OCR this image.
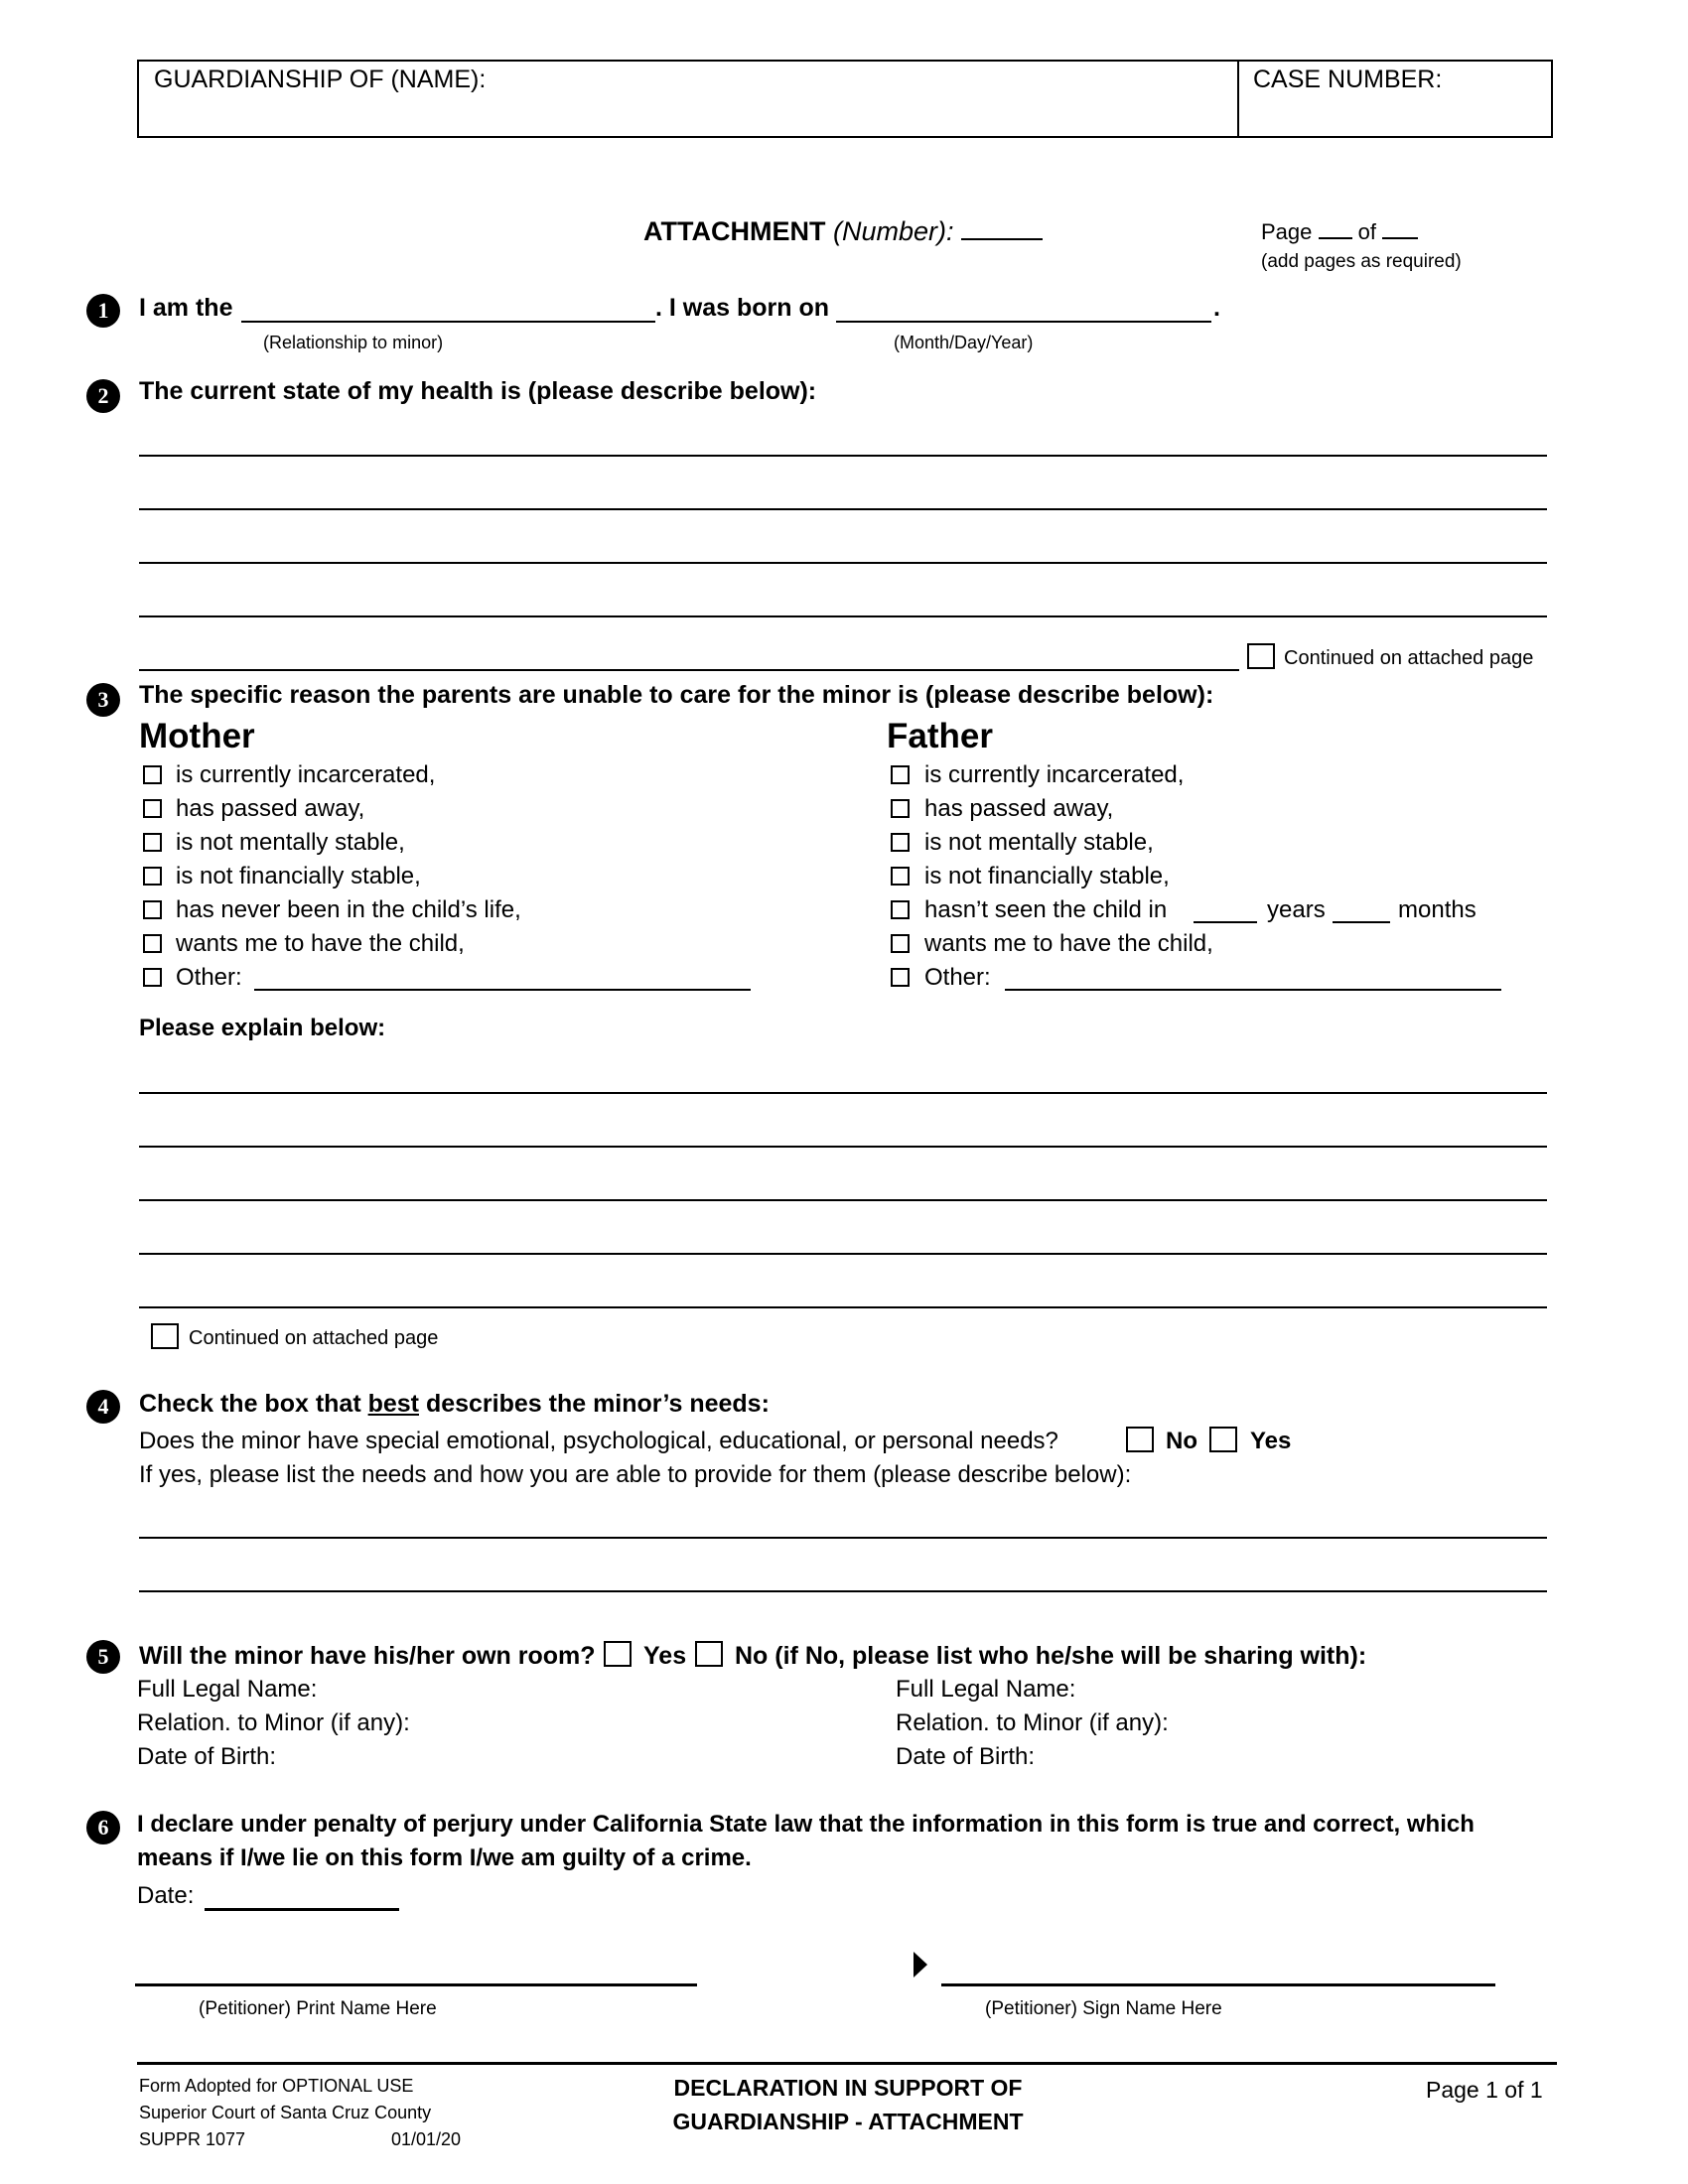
GUARDIANSHIP OF (NAME):	CASE NUMBER:
ATTACHMENT (Number):	Page of
(add pages as required)
1	I am the	. I was born on	.
(Relationship to minor)	(Month/Day/Year)
2	The current state of my health is (please describe below):
Continued on attached page
3	The specific reason the parents are unable to care for the minor is (please describe below):
Mother	Father
is currently incarcerated,
has passed away,
is not mentally stable,
is not financially stable,
has never been in the child’s life,
wants me to have the child,
Other:
is currently incarcerated,
has passed away,
is not mentally stable,
is not financially stable,
hasn’t seen the child in	years	months
wants me to have the child,
Other:
Please explain below:
Continued on attached page
4	Check the box that best describes the minor’s needs:
Does the minor have special emotional, psychological, educational, or personal needs?	No Yes
If yes, please list the needs and how you are able to provide for them (please describe below):
5	Will the minor have his/her own room? Yes No (if No, please list who he/she will be sharing with):
Full Legal Name:
Relation. to Minor (if any):
Date of Birth:
Full Legal Name:
Relation. to Minor (if any):
Date of Birth:
6	I declare under penalty of perjury under California State law that the information in this form is true and correct, which
means if I/we lie on this form I/we am guilty of a crime.
Date:
(Petitioner) Print Name Here	(Petitioner) Sign Name Here
Form Adopted for OPTIONAL USE
Superior Court of Santa Cruz County
SUPPR 1077	01/01/20
DECLARATION IN SUPPORT OF
GUARDIANSHIP - ATTACHMENT
Page 1 of 1
